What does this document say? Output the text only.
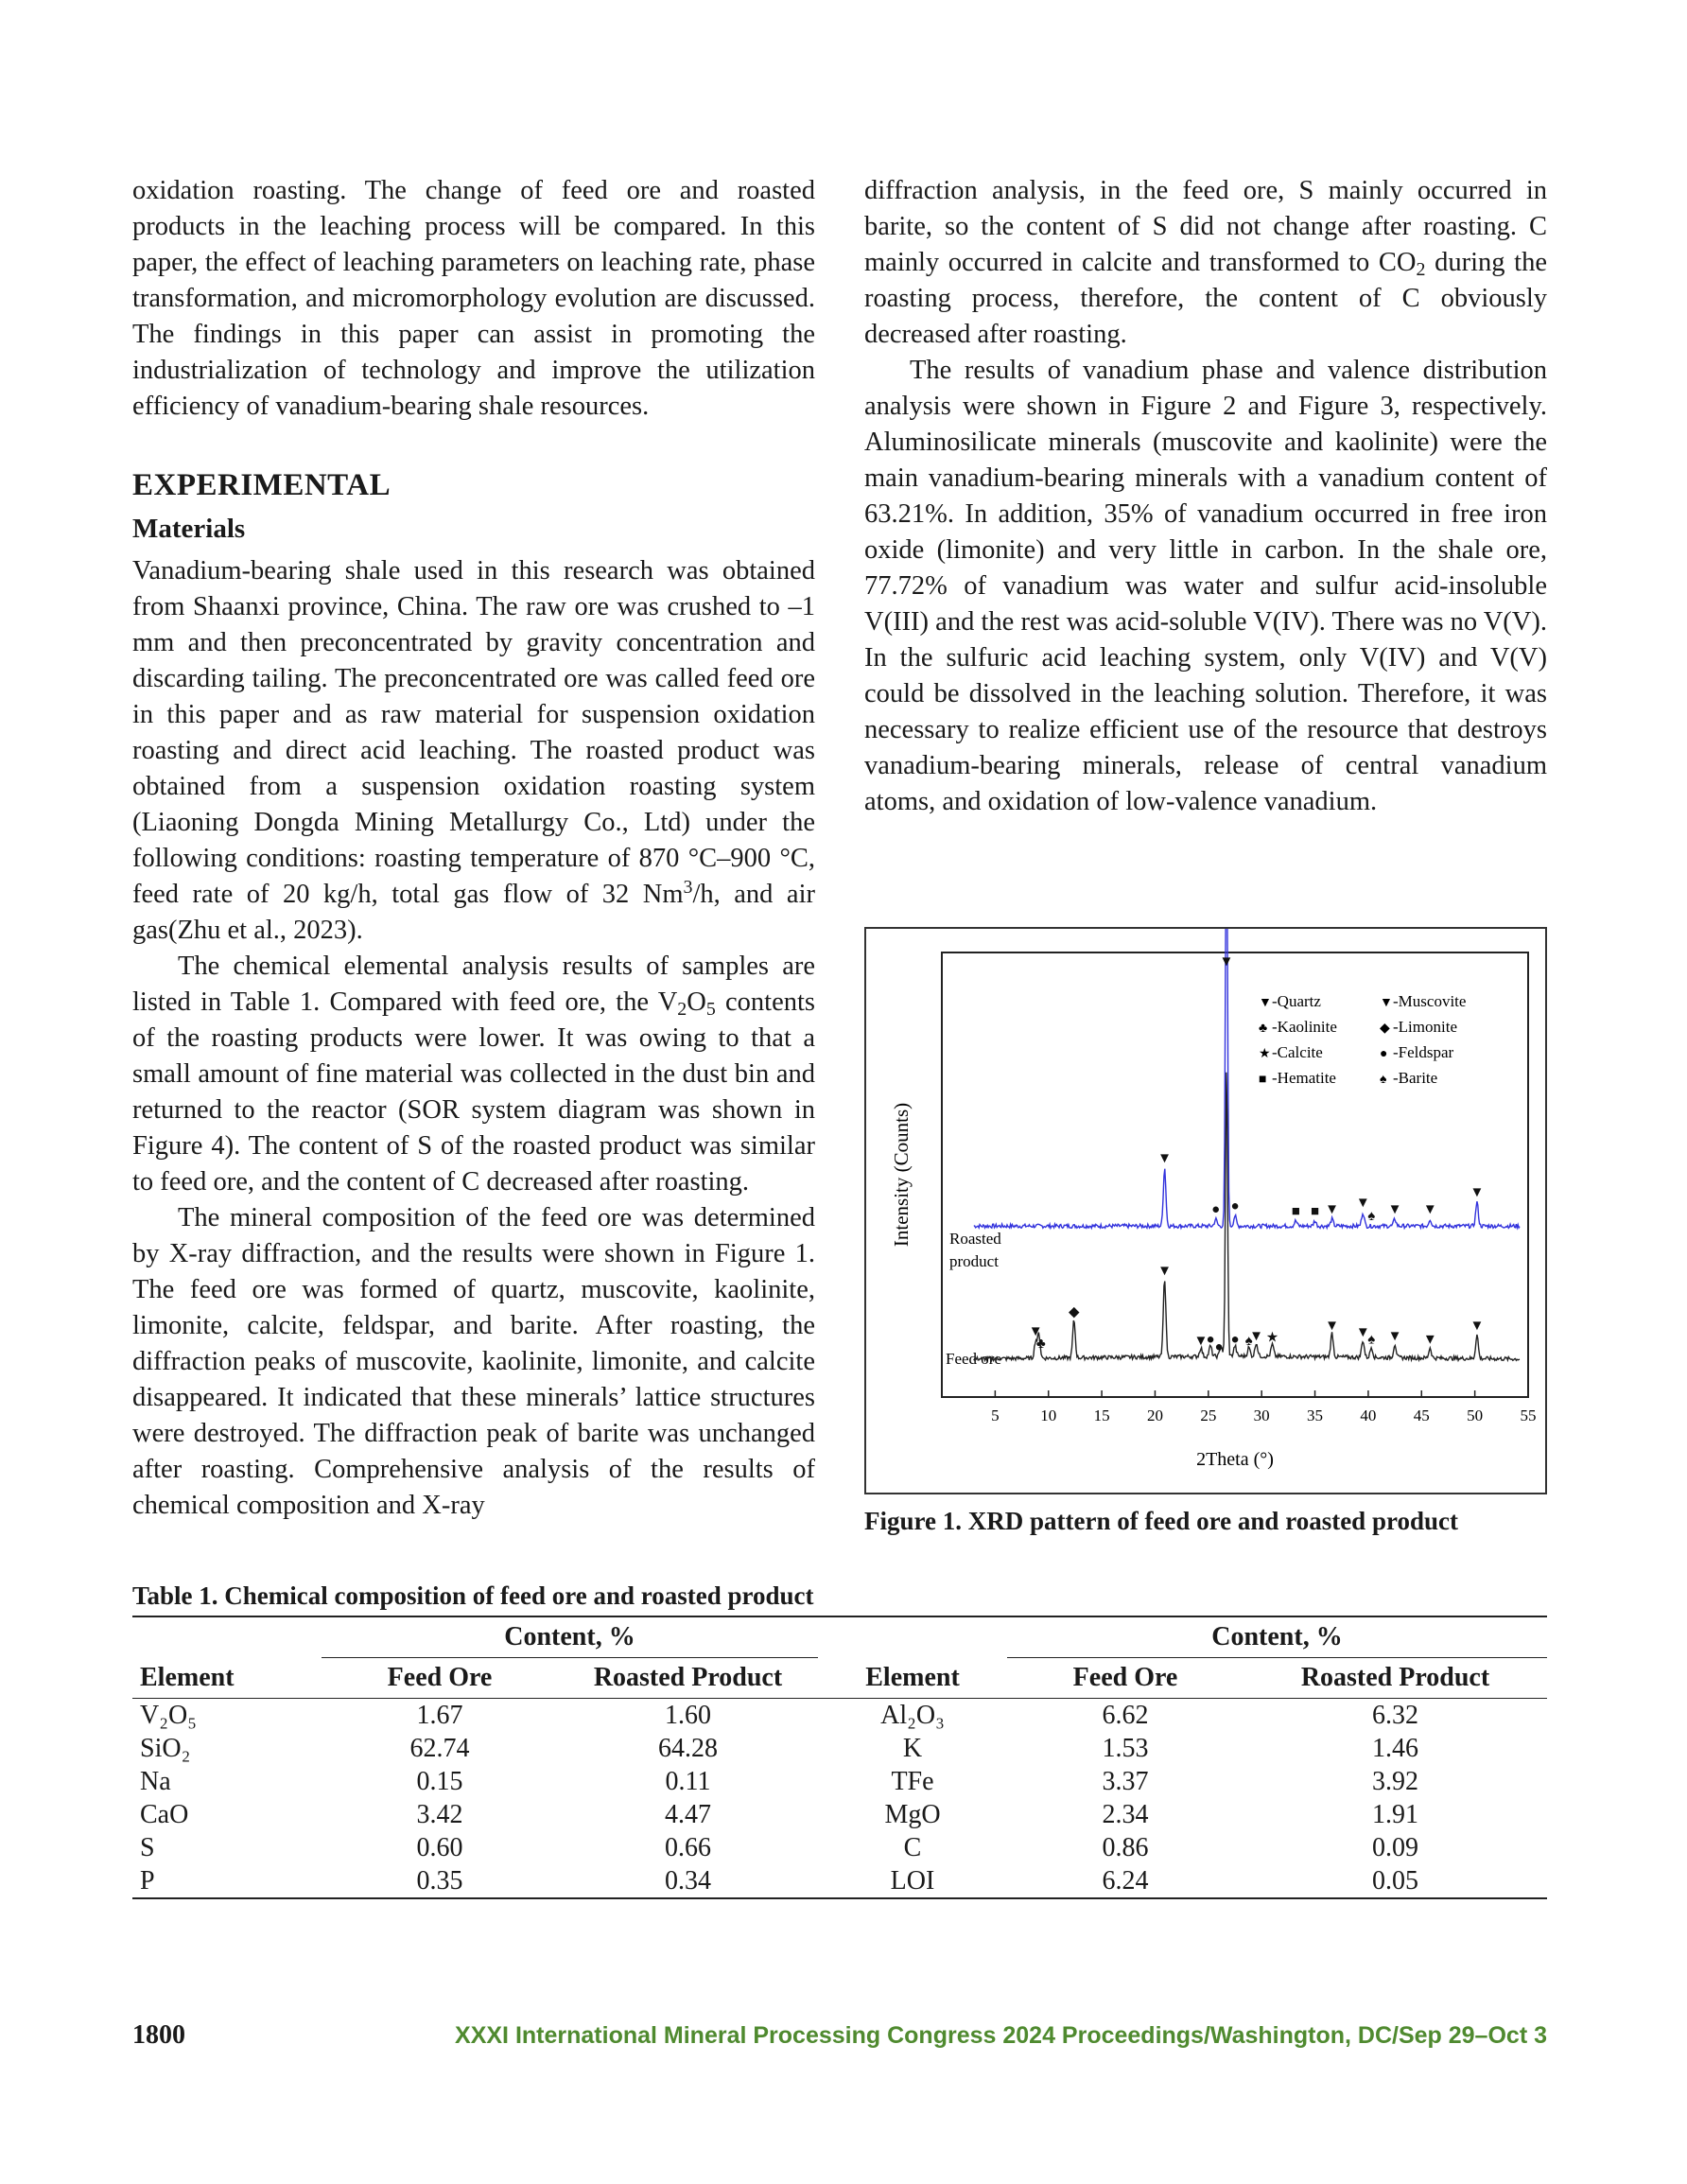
oxidation roasting. The change of feed ore and roasted products in the leaching process will be compared. In this paper, the effect of leaching parameters on leaching rate, phase transformation, and micromorphology evolution are discussed. The findings in this paper can assist in promoting the industrialization of technology and improve the utilization efficiency of vanadium-bearing shale resources.

EXPERIMENTAL
Materials

Vanadium-bearing shale used in this research was obtained from Shaanxi province, China. The raw ore was crushed to –1 mm and then preconcentrated by gravity concentration and discarding tailing. The preconcentrated ore was called feed ore in this paper and as raw material for suspension oxidation roasting and direct acid leaching. The roasted product was obtained from a suspension oxidation roasting system (Liaoning Dongda Mining Metallurgy Co., Ltd) under the following conditions: roasting temperature of 870 °C–900 °C, feed rate of 20 kg/h, total gas flow of 32 Nm$^3$/h, and air gas(Zhu et al., 2023).

The chemical elemental analysis results of samples are listed in Table 1. Compared with feed ore, the $V_2O_5$ contents of the roasting products were lower. It was owing to that a small amount of fine material was collected in the dust bin and returned to the reactor (SOR system diagram was shown in Figure 4). The content of S of the roasted product was similar to feed ore, and the content of C decreased after roasting.

The mineral composition of the feed ore was determined by X-ray diffraction, and the results were shown in Figure 1. The feed ore was formed of quartz, muscovite, kaolinite, limonite, calcite, feldspar, and barite. After roasting, the diffraction peaks of muscovite, kaolinite, limonite, and calcite disappeared. It indicated that these minerals’ lattice structures were destroyed. The diffraction peak of barite was unchanged after roasting. Comprehensive analysis of the results of chemical composition and X-ray

diffraction analysis, in the feed ore, S mainly occurred in barite, so the content of S did not change after roasting. C mainly occurred in calcite and transformed to $CO_2$ during the roasting process, therefore, the content of C obviously decreased after roasting.

The results of vanadium phase and valence distribution analysis were shown in Figure 2 and Figure 3, respectively. Aluminosilicate minerals (muscovite and kaolinite) were the main vanadium-bearing minerals with a vanadium content of 63.21%. In addition, 35% of vanadium occurred in free iron oxide (limonite) and very little in carbon. In the shale ore, 77.72% of vanadium was water and sulfur acid-insoluble V(III) and the rest was acid-soluble V(IV). There was no V(V). In the sulfuric acid leaching system, only V(IV) and V(V) could be dissolved in the leaching solution. Therefore, it was necessary to realize efficient use of the resource that destroys vanadium-bearing minerals, release of central vanadium atoms, and oxidation of low-valence vanadium.

Intensity (Counts)
2Theta (°)
Roasted
product
Feed ore
▼ -Quartz	▼ -Muscovite
♣ -Kaolinite	◆ -Limonite
★ -Calcite	● -Feldspar
■ -Hematite	♠ -Barite
5	10 15 20 25 30 35 40 45 50 55
▼
▼
● ●	■ ■ ▼ ▼
♠ ▼ ▼
▼
♣
▼
◆
▼
▼
●
●
● ♠
▼ ★
▼ ▼
♠ ▼ ▼
▼
Figure 1. XRD pattern of feed ore and roasted product
Table 1. Chemical composition of feed ore and roasted product
	Content, %			Content, %	
Element	Feed Ore	Roasted Product	Element	Feed Ore	Roasted Product
V₂O₅	1.67	1.60	Al₂O₃	6.62	6.32
SiO₂	62.74	64.28	K	1.53	1.46
Na	0.15	0.11	TFe	3.37	3.92
CaO	3.42	4.47	MgO	2.34	1.91
S	0.60	0.66	C	0.86	0.09
P	0.35	0.34	LOI	6.24	0.05
1800	XXXI International Mineral Processing Congress 2024 Proceedings/Washington, DC/Sep 29–Oct 3
